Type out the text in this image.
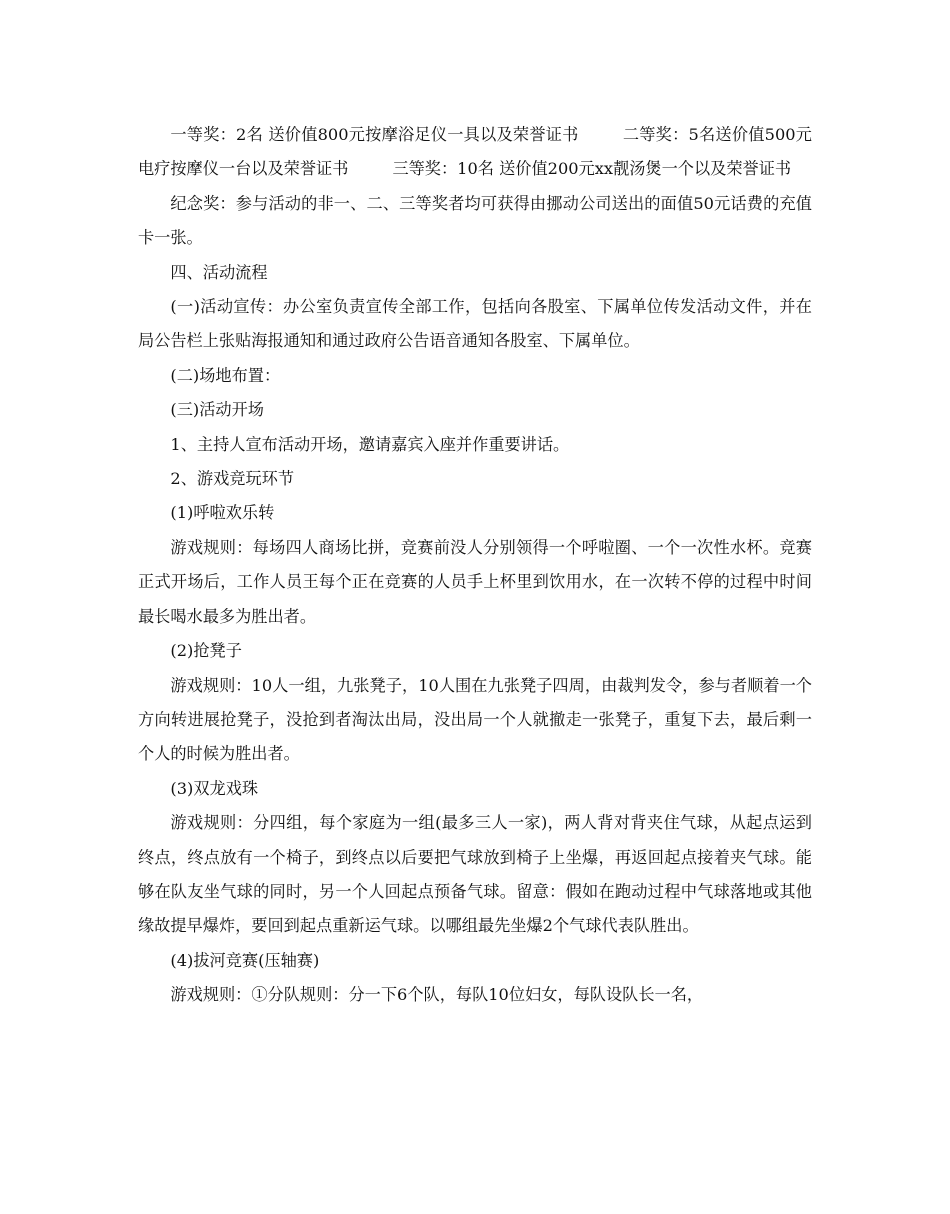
一等奖：2名 送价值800元按摩浴足仪一具以及荣誉证书	二等奖：5名送价值500元电疗按摩仪一台以及荣誉证书	三等奖：10名 送价值200元xx靓汤煲一个以及荣誉证书

纪念奖：参与活动的非一、二、三等奖者均可获得由挪动公司送出的面值50元话费的充值卡一张。

四、活动流程

(一)活动宣传：办公室负责宣传全部工作，包括向各股室、下属单位传发活动文件，并在局公告栏上张贴海报通知和通过政府公告语音通知各股室、下属单位。

(二)场地布置：

(三)活动开场

1、主持人宣布活动开场，邀请嘉宾入座并作重要讲话。

2、游戏竞玩环节

(1)呼啦欢乐转

游戏规则：每场四人商场比拼，竞赛前没人分别领得一个呼啦圈、一个一次性水杯。竞赛正式开场后，工作人员王每个正在竞赛的人员手上杯里到饮用水，在一次转不停的过程中时间最长喝水最多为胜出者。

(2)抢凳子

游戏规则：10人一组，九张凳子，10人围在九张凳子四周，由裁判发令，参与者顺着一个方向转进展抢凳子，没抢到者淘汰出局，没出局一个人就撤走一张凳子，重复下去，最后剩一个人的时候为胜出者。

(3)双龙戏珠

游戏规则：分四组，每个家庭为一组(最多三人一家)，两人背对背夹住气球，从起点运到终点，终点放有一个椅子，到终点以后要把气球放到椅子上坐爆，再返回起点接着夹气球。能够在队友坐气球的同时，另一个人回起点预备气球。留意：假如在跑动过程中气球落地或其他缘故提早爆炸，要回到起点重新运气球。以哪组最先坐爆2个气球代表队胜出。

(4)拔河竞赛(压轴赛)

游戏规则：①分队规则：分一下6个队，每队10位妇女，每队设队长一名，
